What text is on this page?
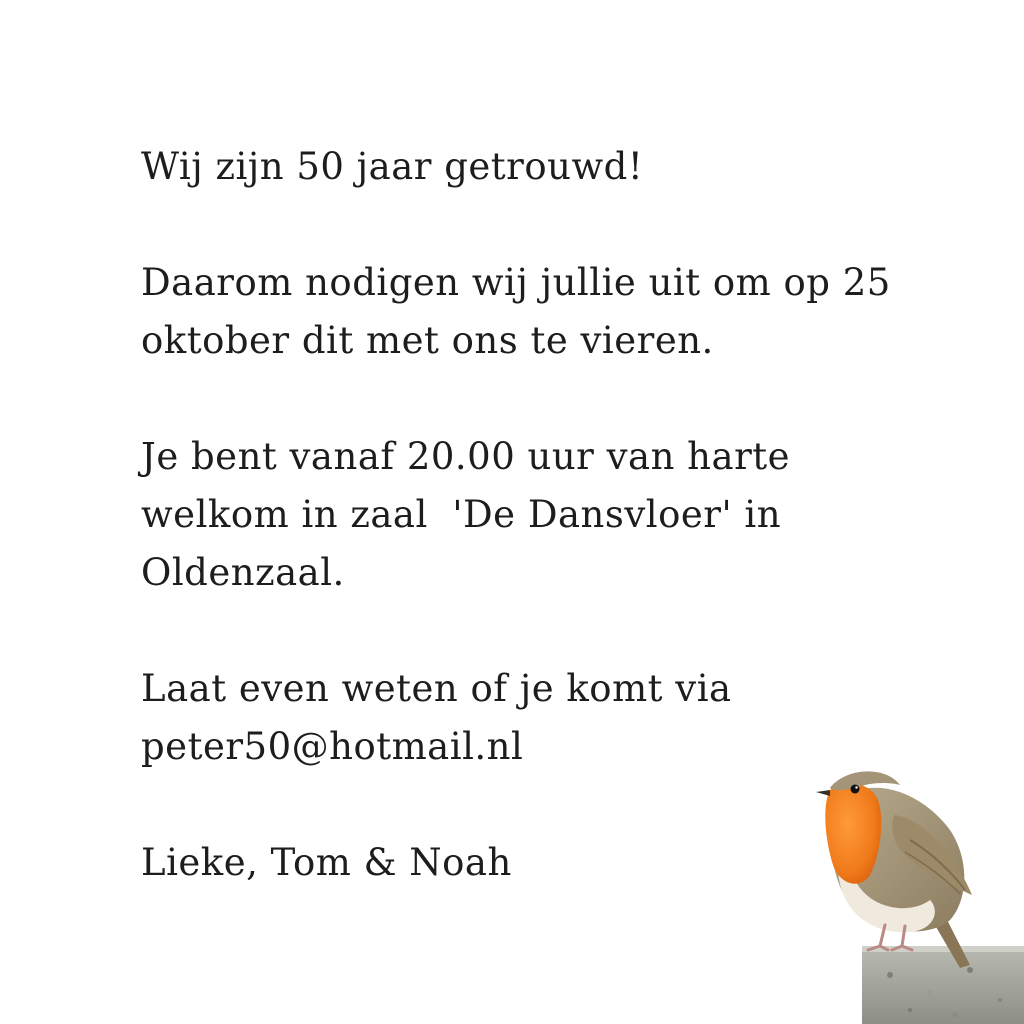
Wij zijn 50 jaar getrouwd!

Daarom nodigen wij jullie uit om op 25
oktober dit met ons te vieren.

Je bent vanaf 20.00 uur van harte
welkom in zaal  'De Dansvloer' in
Oldenzaal.

Laat even weten of je komt via
peter50@hotmail.nl

Lieke, Tom & Noah
